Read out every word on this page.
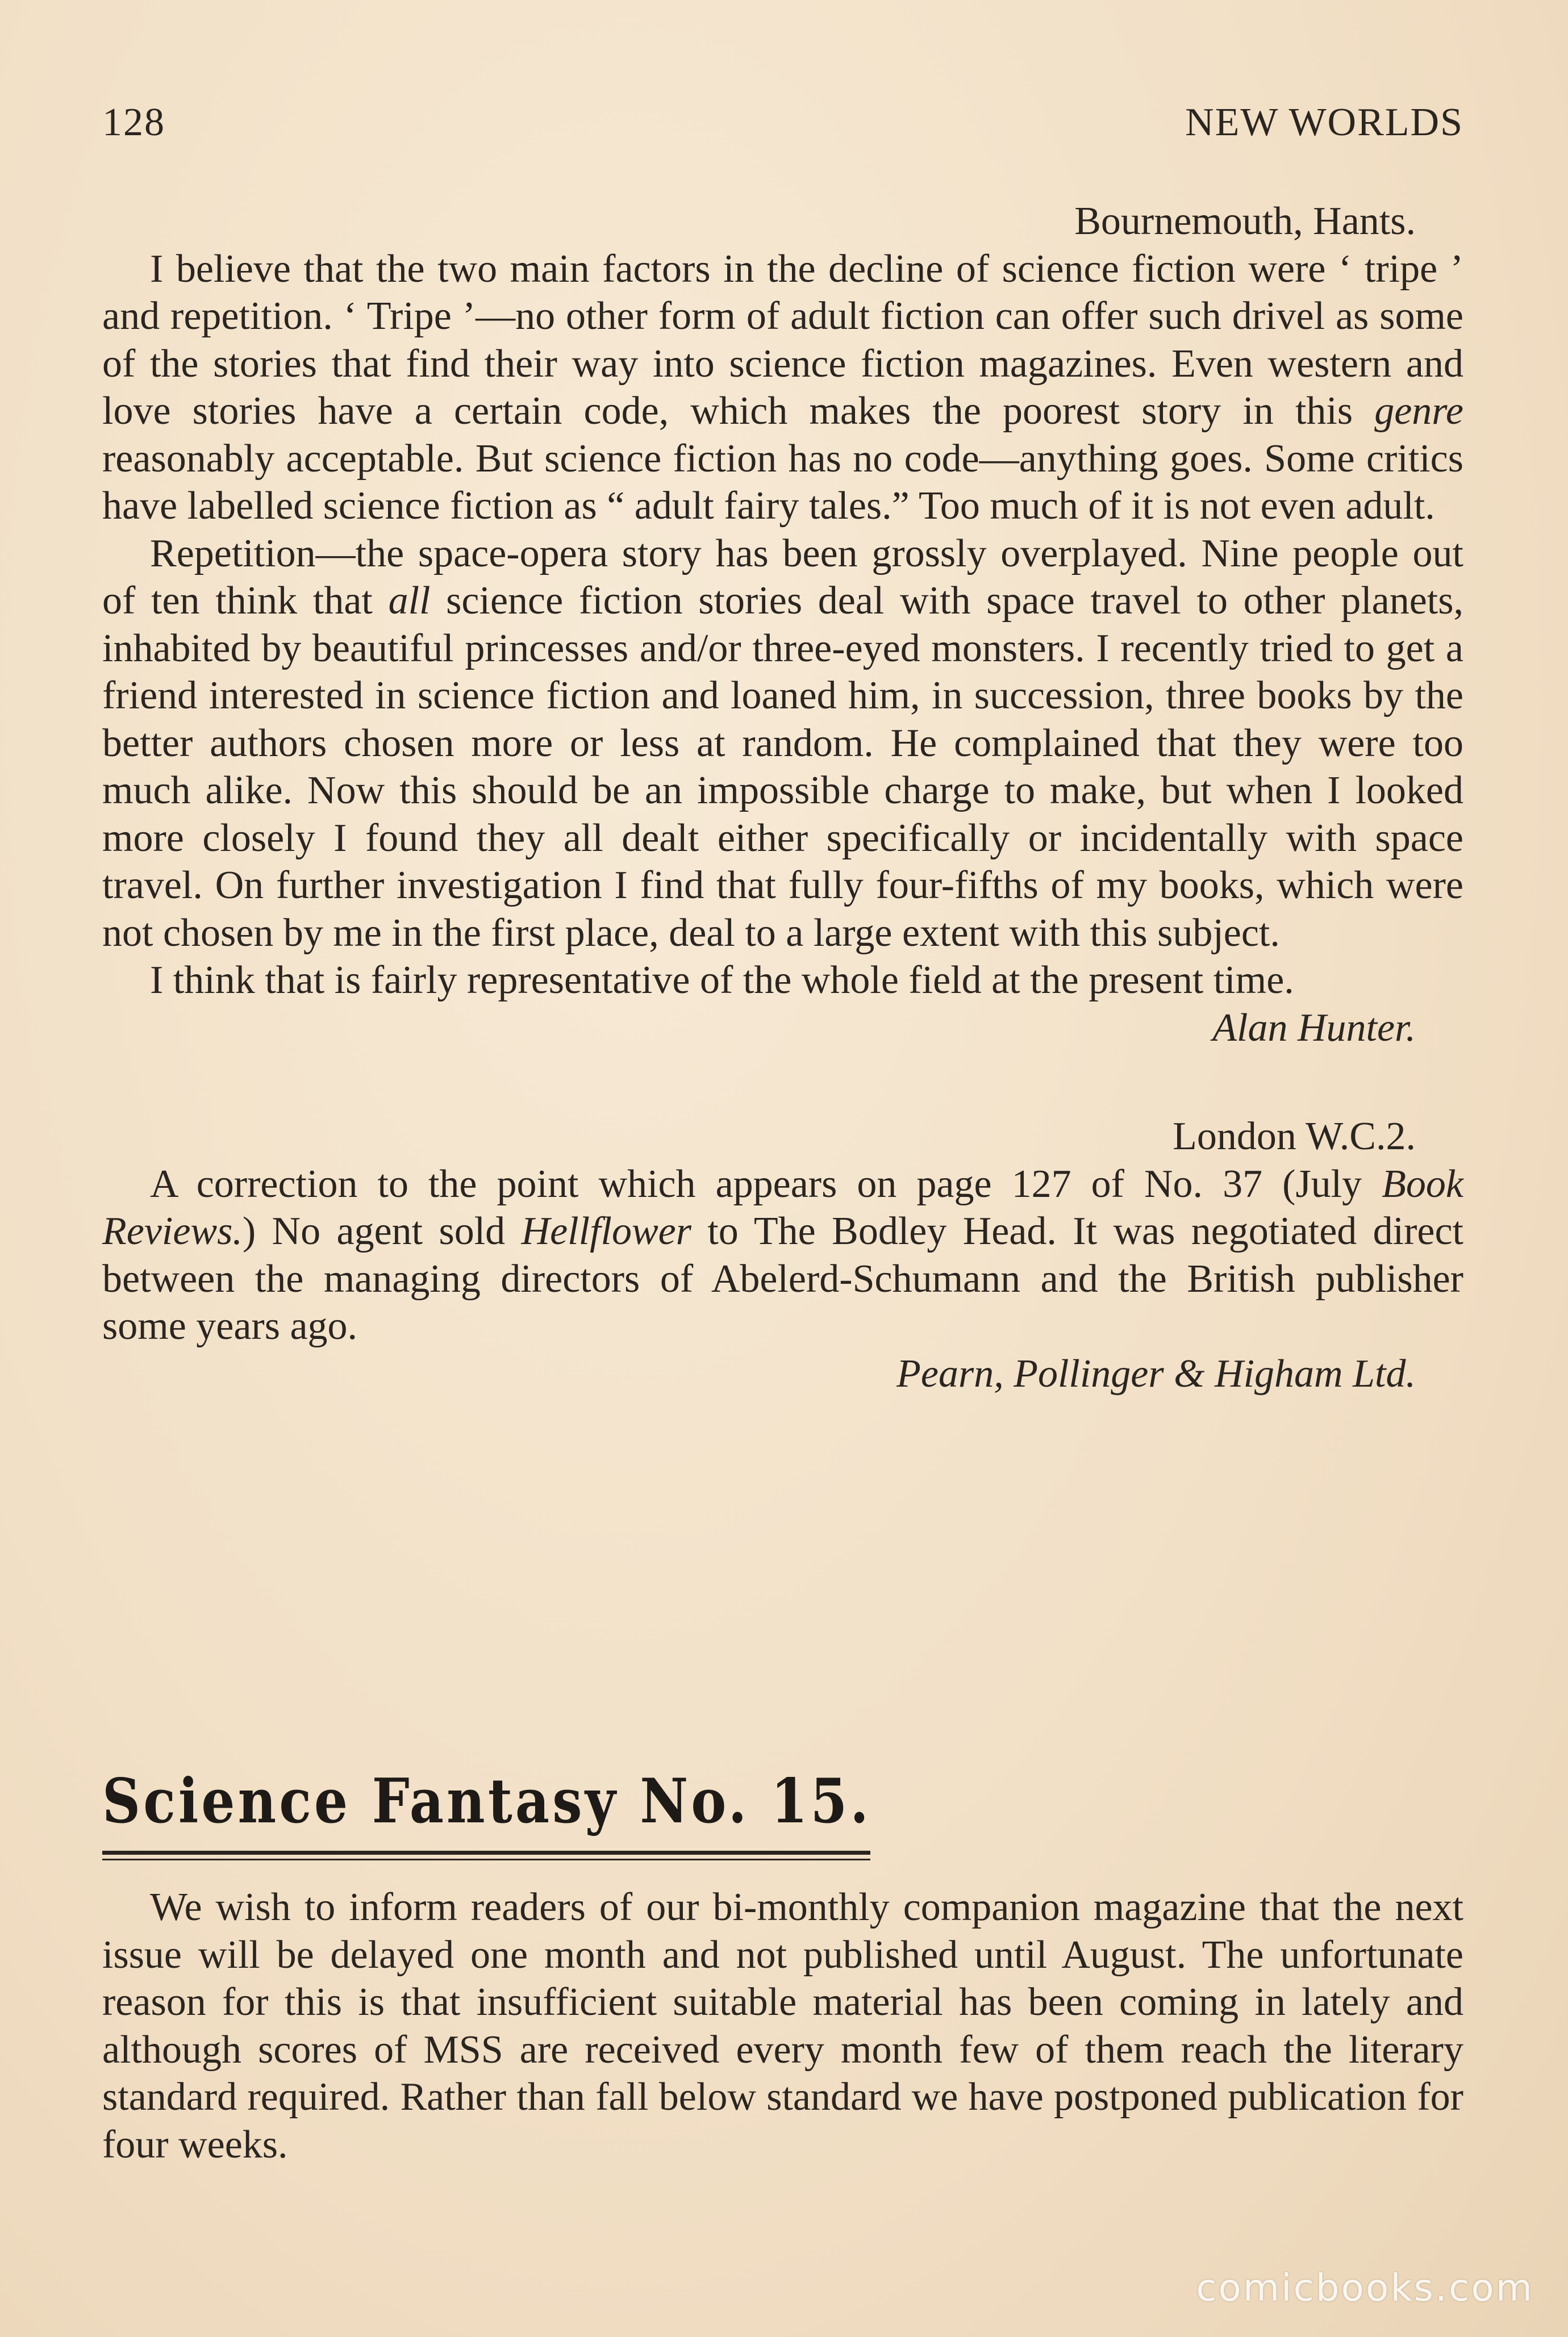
128	NEW WORLDS
Bournemouth, Hants.

I believe that the two main factors in the decline of science fiction were ‘ tripe ’ and repetition. ‘ Tripe ’—no other form of adult fiction can offer such drivel as some of the stories that find their way into science fiction magazines. Even western and love stories have a certain code, which makes the poorest story in this genre reasonably acceptable. But science fiction has no code—anything goes. Some critics have labelled science fiction as “ adult fairy tales.” Too much of it is not even adult.

Repetition—the space-opera story has been grossly overplayed. Nine people out of ten think that all science fiction stories deal with space travel to other planets, inhabited by beautiful princesses and/or three-eyed monsters. I recently tried to get a friend interested in science fiction and loaned him, in succession, three books by the better authors chosen more or less at random. He complained that they were too much alike. Now this should be an impossible charge to make, but when I looked more closely I found they all dealt either specifically or incidentally with space travel. On further investigation I find that fully four-fifths of my books, which were not chosen by me in the first place, deal to a large extent with this subject.

I think that is fairly representative of the whole field at the present time.

Alan Hunter.
London W.C.2.

A correction to the point which appears on page 127 of No. 37 (July Book Reviews.) No agent sold Hellflower to The Bodley Head. It was negotiated direct between the managing directors of Abelerd-Schumann and the British publisher some years ago.

Pearn, Pollinger & Higham Ltd.
Science Fantasy No. 15.

We wish to inform readers of our bi-monthly companion magazine that the next issue will be delayed one month and not published until August. The unfortunate reason for this is that insufficient suitable material has been coming in lately and although scores of MSS are received every month few of them reach the literary standard required. Rather than fall below standard we have postponed publication for four weeks.

comicbooks.com
